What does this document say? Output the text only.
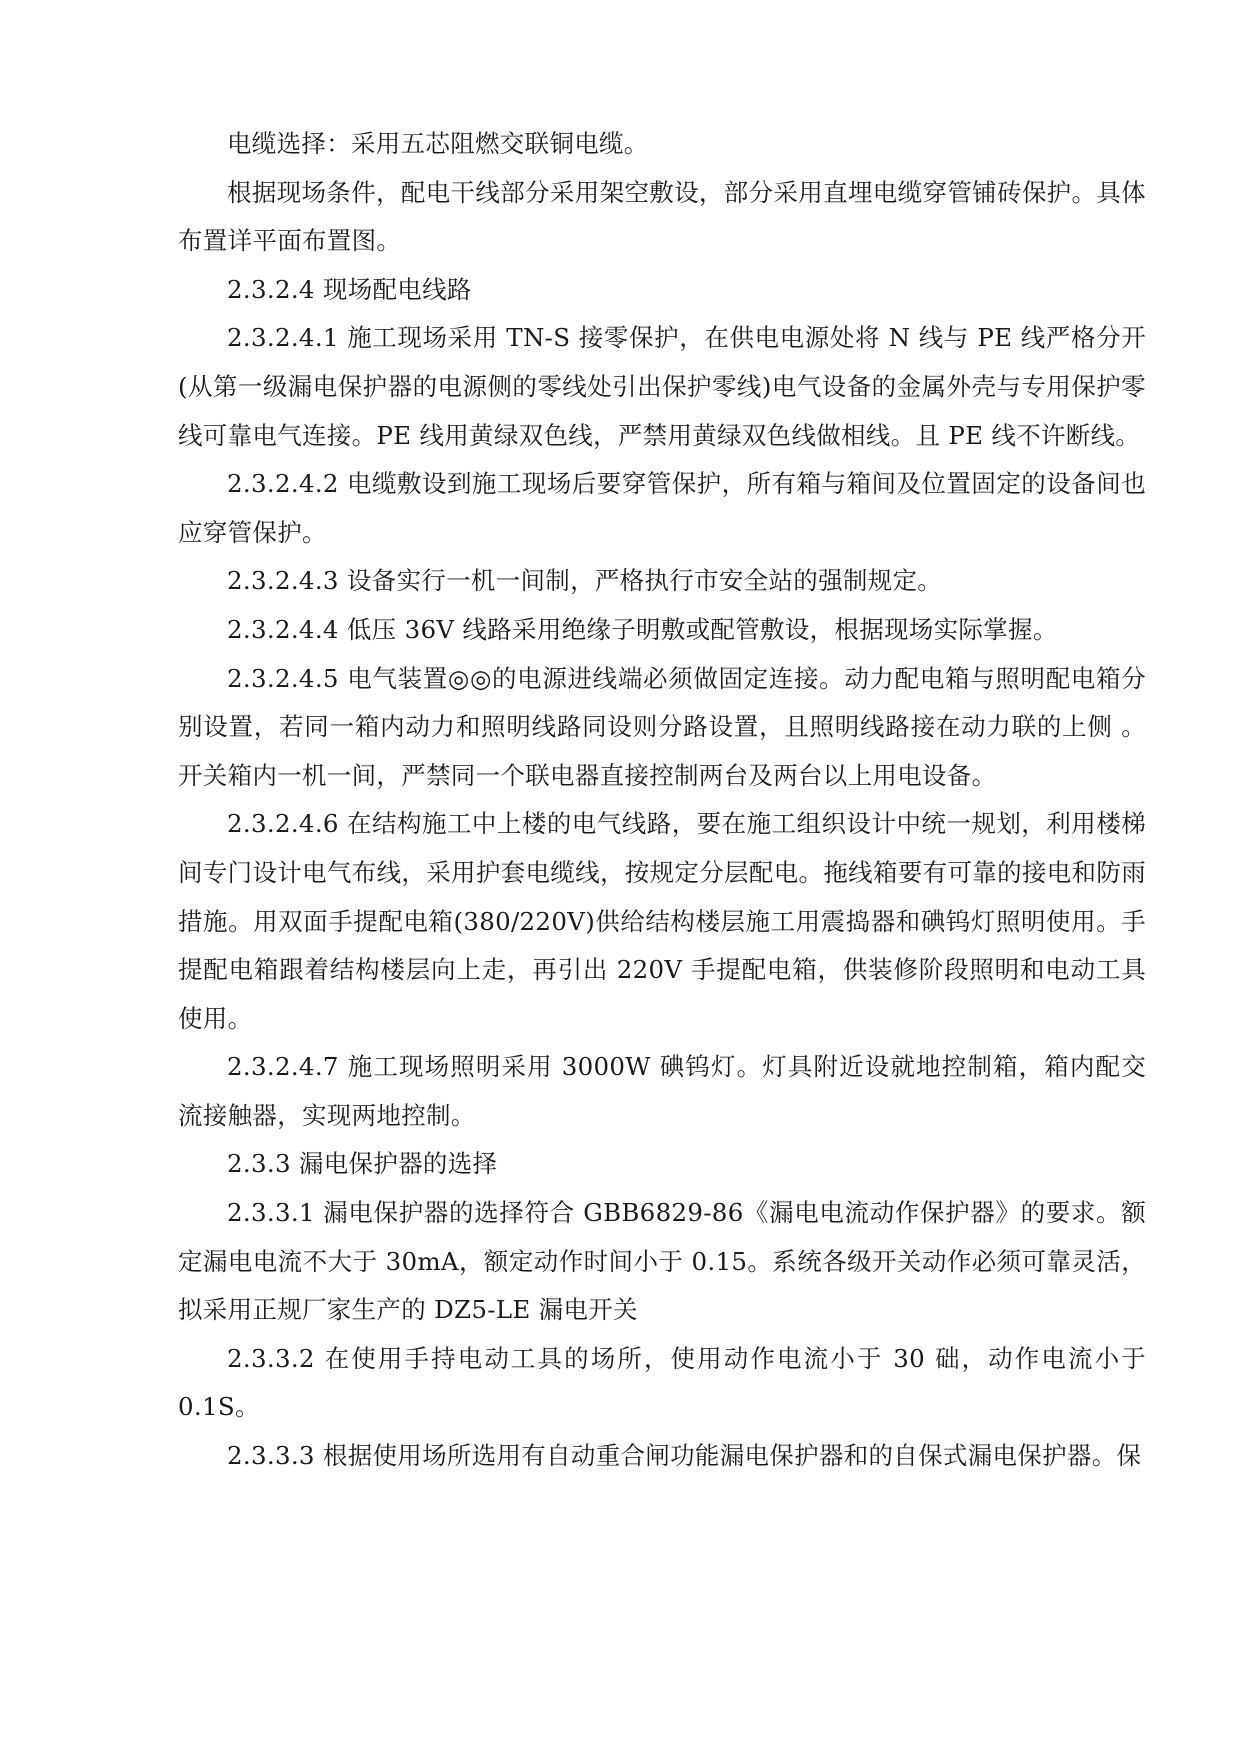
电缆选择：采用五芯阻燃交联铜电缆。

根据现场条件，配电干线部分采用架空敷设，部分采用直埋电缆穿管铺砖保护。具体布置详平面布置图。

2.3.2.4 现场配电线路

2.3.2.4.1 施工现场采用 TN-S 接零保护，在供电电源处将 N 线与 PE 线严格分开(从第一级漏电保护器的电源侧的零线处引出保护零线)电气设备的金属外壳与专用保护零线可靠电气连接。PE 线用黄绿双色线，严禁用黄绿双色线做相线。且 PE 线不许断线。

2.3.2.4.2 电缆敷设到施工现场后要穿管保护，所有箱与箱间及位置固定的设备间也应穿管保护。

2.3.2.4.3 设备实行一机一间制，严格执行市安全站的强制规定。

2.3.2.4.4 低压 36V 线路采用绝缘子明敷或配管敷设，根据现场实际掌握。

2.3.2.4.5 电气装置◎◎的电源进线端必须做固定连接。动力配电箱与照明配电箱分别设置，若同一箱内动力和照明线路同设则分路设置，且照明线路接在动力联的上侧 。开关箱内一机一间，严禁同一个联电器直接控制两台及两台以上用电设备。

2.3.2.4.6 在结构施工中上楼的电气线路，要在施工组织设计中统一规划，利用楼梯间专门设计电气布线，采用护套电缆线，按规定分层配电。拖线箱要有可靠的接电和防雨措施。用双面手提配电箱(380/220V)供给结构楼层施工用震捣器和碘钨灯照明使用。手提配电箱跟着结构楼层向上走，再引出 220V 手提配电箱，供装修阶段照明和电动工具使用。

2.3.2.4.7 施工现场照明采用 3000W 碘钨灯。灯具附近设就地控制箱，箱内配交流接触器，实现两地控制。

2.3.3 漏电保护器的选择

2.3.3.1 漏电保护器的选择符合 GBB6829-86《漏电电流动作保护器》的要求。额定漏电电流不大于 30mA，额定动作时间小于 0.15。系统各级开关动作必须可靠灵活，拟采用正规厂家生产的 DZ5-LE 漏电开关

2.3.3.2 在使用手持电动工具的场所，使用动作电流小于 30 础，动作电流小于 0.1S。

2.3.3.3 根据使用场所选用有自动重合闸功能漏电保护器和的自保式漏电保护器。保
